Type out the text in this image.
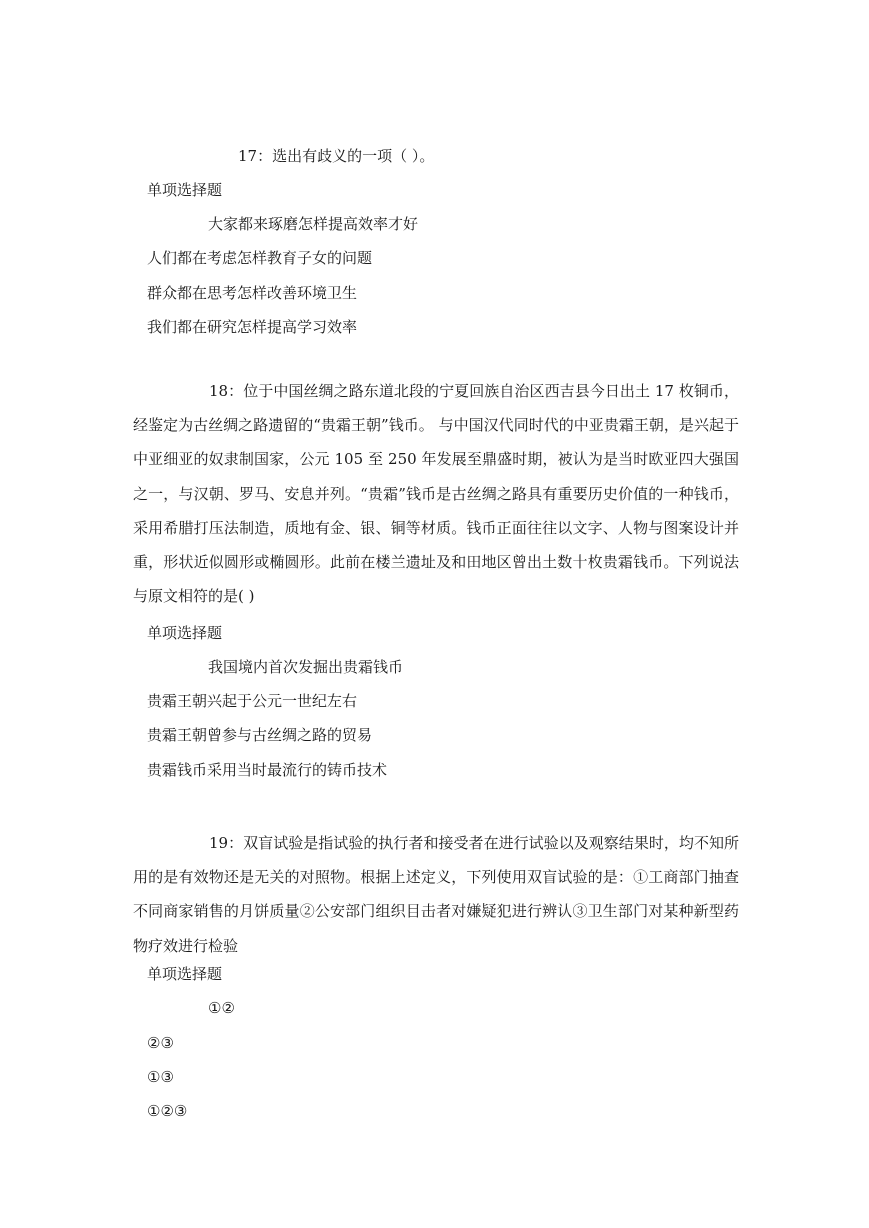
17：选出有歧义的一项（ ）。
单项选择题
大家都来琢磨怎样提高效率才好
人们都在考虑怎样教育子女的问题
群众都在思考怎样改善环境卫生
我们都在研究怎样提高学习效率

18：位于中国丝绸之路东道北段的宁夏回族自治区西吉县今日出土 17 枚铜币，经鉴定为古丝绸之路遗留的“贵霜王朝”钱币。 与中国汉代同时代的中亚贵霜王朝，是兴起于中亚细亚的奴隶制国家，公元 105 至 250 年发展至鼎盛时期，被认为是当时欧亚四大强国之一，与汉朝、罗马、安息并列。“贵霜”钱币是古丝绸之路具有重要历史价值的一种钱币，采用希腊打压法制造，质地有金、银、铜等材质。钱币正面往往以文字、人物与图案设计并重，形状近似圆形或椭圆形。此前在楼兰遗址及和田地区曾出土数十枚贵霜钱币。下列说法与原文相符的是( )

单项选择题
我国境内首次发掘出贵霜钱币
贵霜王朝兴起于公元一世纪左右
贵霜王朝曾参与古丝绸之路的贸易
贵霜钱币采用当时最流行的铸币技术

19：双盲试验是指试验的执行者和接受者在进行试验以及观察结果时，均不知所用的是有效物还是无关的对照物。根据上述定义，下列使用双盲试验的是：①工商部门抽查不同商家销售的月饼质量②公安部门组织目击者对嫌疑犯进行辨认③卫生部门对某种新型药物疗效进行检验

单项选择题
①②
②③
①③
①②③
